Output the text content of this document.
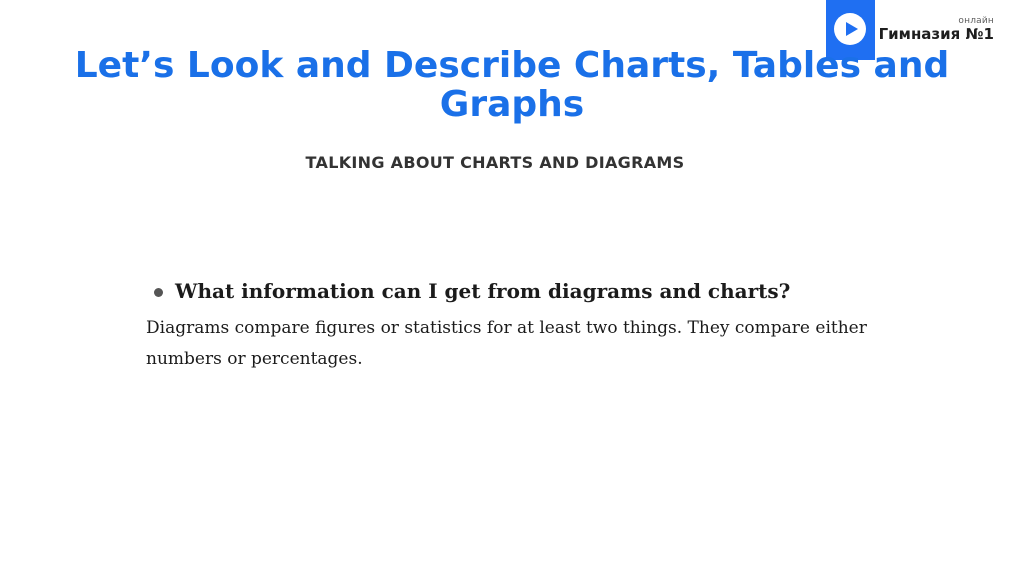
онлайн
Гимназия №1
Let’s Look and Describe Charts, Tables and Graphs
TALKING ABOUT CHARTS AND DIAGRAMS
What information can I get from diagrams and charts?
Diagrams compare figures or statistics for at least two things. They compare either numbers or percentages.
